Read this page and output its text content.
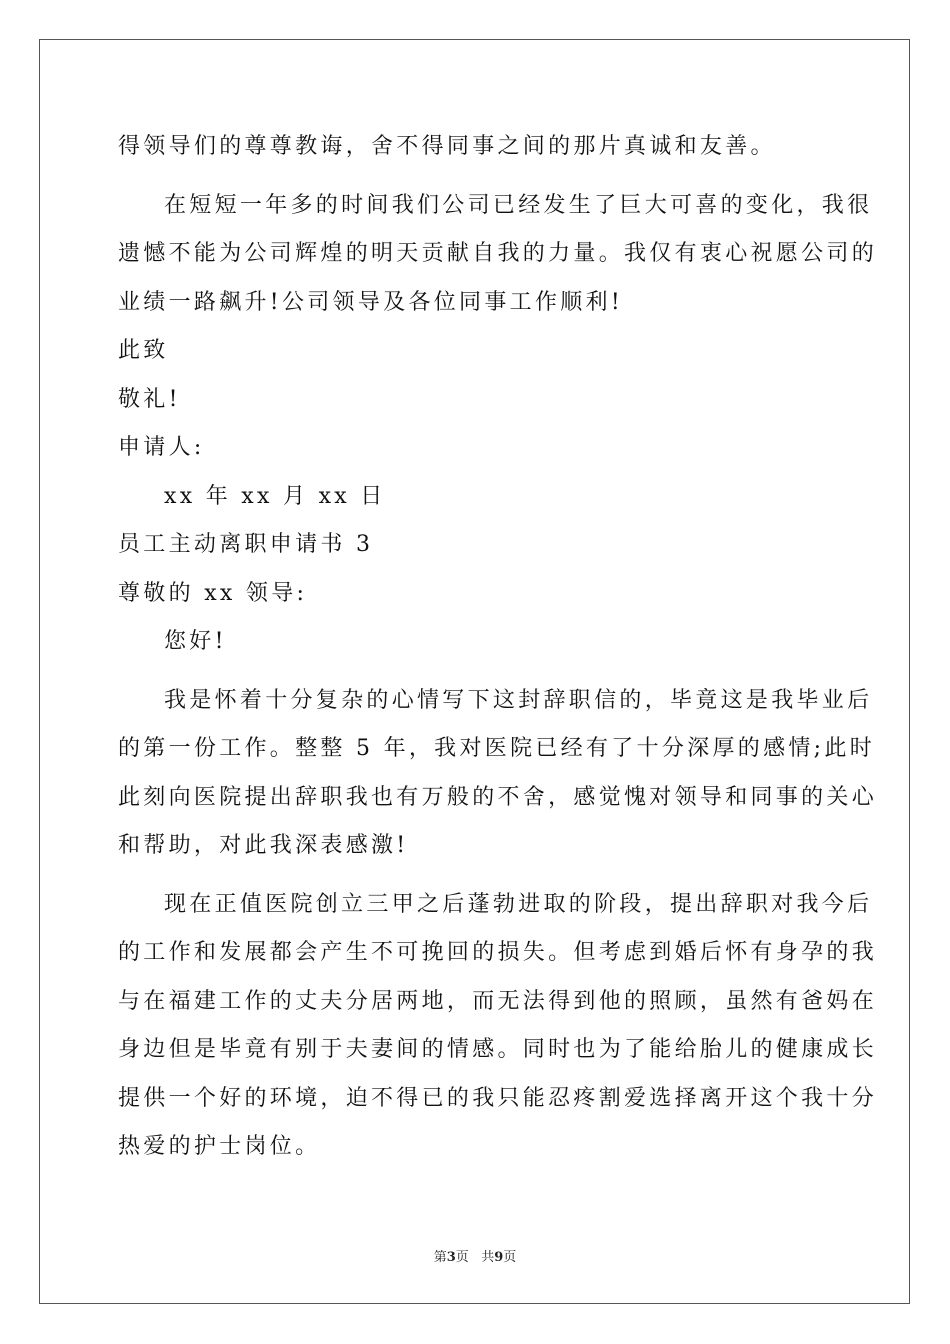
得领导们的尊尊教诲，舍不得同事之间的那片真诚和友善。
在短短一年多的时间我们公司已经发生了巨大可喜的变化，我很
遗憾不能为公司辉煌的明天贡献自我的力量。我仅有衷心祝愿公司的
业绩一路飙升!公司领导及各位同事工作顺利!
此致
敬礼!
申请人:
xx 年 xx 月 xx 日
员工主动离职申请书 3
尊敬的 xx 领导:
您好!
我是怀着十分复杂的心情写下这封辞职信的，毕竟这是我毕业后
的第一份工作。整整 5 年，我对医院已经有了十分深厚的感情;此时
此刻向医院提出辞职我也有万般的不舍，感觉愧对领导和同事的关心
和帮助，对此我深表感激!
现在正值医院创立三甲之后蓬勃进取的阶段，提出辞职对我今后
的工作和发展都会产生不可挽回的损失。但考虑到婚后怀有身孕的我
与在福建工作的丈夫分居两地，而无法得到他的照顾，虽然有爸妈在
身边但是毕竟有别于夫妻间的情感。同时也为了能给胎儿的健康成长
提供一个好的环境，迫不得已的我只能忍疼割爱选择离开这个我十分
热爱的护士岗位。
第3页 共9页
